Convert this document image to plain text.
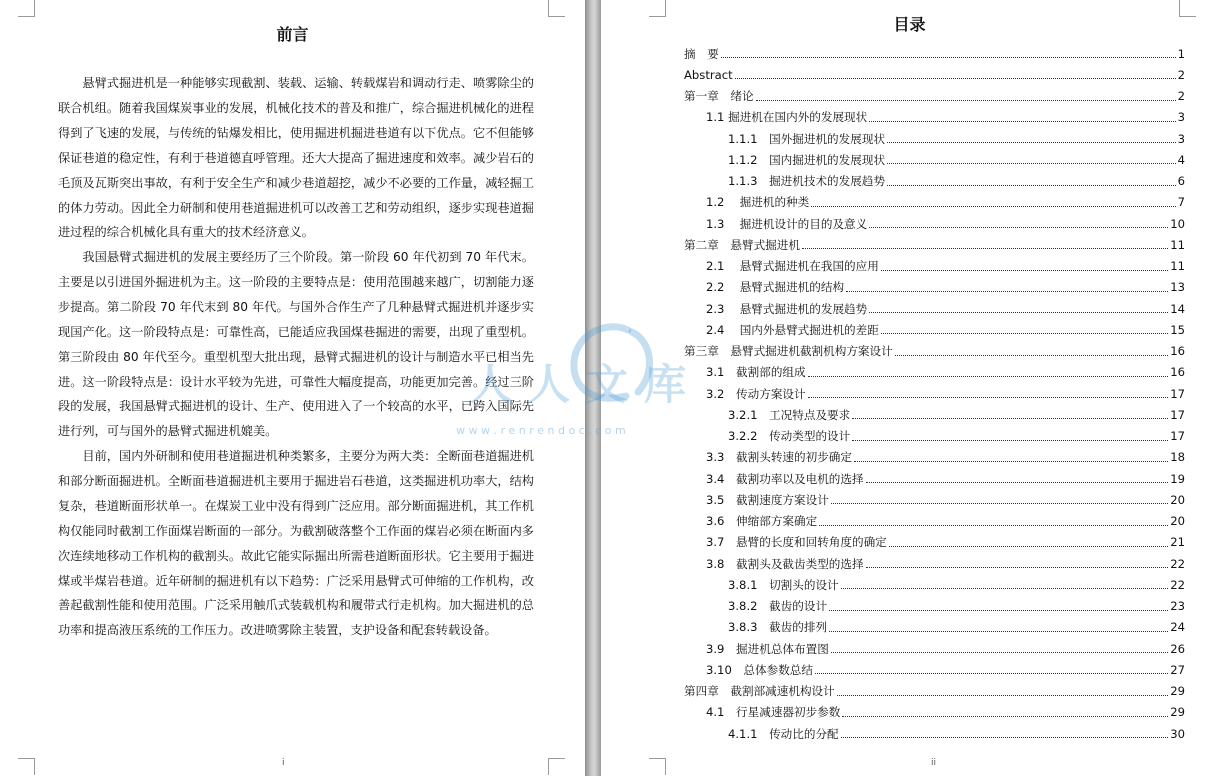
前言

悬臂式掘进机是一种能够实现截割、装载、运输、转载煤岩和调动行走、喷雾除尘的联合机组。随着我国煤炭事业的发展，机械化技术的普及和推广，综合掘进机械化的进程得到了飞速的发展，与传统的钻爆发相比，使用掘进机掘进巷道有以下优点。它不但能够保证巷道的稳定性，有利于巷道德直呼管理。还大大提高了掘进速度和效率。减少岩石的毛顶及瓦斯突出事故，有利于安全生产和减少巷道超挖，减少不必要的工作量，减轻掘工的体力劳动。因此全力研制和使用巷道掘进机可以改善工艺和劳动组织，逐步实现巷道掘进过程的综合机械化具有重大的技术经济意义。

我国悬臂式掘进机的发展主要经历了三个阶段。第一阶段 60 年代初到 70 年代末。主要是以引进国外掘进机为主。这一阶段的主要特点是：使用范围越来越广，切割能力逐步提高。第二阶段 70 年代末到 80 年代。与国外合作生产了几种悬臂式掘进机并逐步实现国产化。这一阶段特点是：可靠性高，已能适应我国煤巷掘进的需要，出现了重型机。第三阶段由 80 年代至今。重型机型大批出现，悬臂式掘进机的设计与制造水平已相当先进。这一阶段特点是：设计水平较为先进，可靠性大幅度提高，功能更加完善。经过三阶段的发展，我国悬臂式掘进机的设计、生产、使用进入了一个较高的水平，已跨入国际先进行列，可与国外的悬臂式掘进机媲美。

目前，国内外研制和使用巷道掘进机种类繁多，主要分为两大类：全断面巷道掘进机和部分断面掘进机。全断面巷道掘进机主要用于掘进岩石巷道，这类掘进机功率大，结构复杂，巷道断面形状单一。在煤炭工业中没有得到广泛应用。部分断面掘进机，其工作机构仅能同时截割工作面煤岩断面的一部分。为截割破落整个工作面的煤岩必须在断面内多次连续地移动工作机构的截割头。故此它能实际掘出所需巷道断面形状。它主要用于掘进煤或半煤岩巷道。近年研制的掘进机有以下趋势：广泛采用悬臂式可伸缩的工作机构，改善起截割性能和使用范围。广泛采用触爪式装载机构和履带式行走机构。加大掘进机的总功率和提高液压系统的工作压力。改进喷雾除主装置，支护设备和配套转载设备。

i
目录
摘　要	1
Abstract	2
第一章　绪论	2
1.1 掘进机在国内外的发展现状	3
1.1.1　国外掘进机的发展现状	3
1.1.2　国内掘进机的发展现状	4
1.1.3　掘进机技术的发展趋势	6
1.2　 掘进机的种类	7
1.3　 掘进机设计的目的及意义	10
第二章　悬臂式掘进机	11
2.1　 悬臂式掘进机在我国的应用	11
2.2　 悬臂式掘进机的结构	13
2.3　 悬臂式掘进机的发展趋势	14
2.4　 国内外悬臂式掘进机的差距	15
第三章　悬臂式掘进机截割机构方案设计	16
3.1　截割部的组成	16
3.2　传动方案设计	17
3.2.1　工况特点及要求	17
3.2.2　传动类型的设计	17
3.3　截割头转速的初步确定	18
3.4　截割功率以及电机的选择	19
3.5　截割速度方案设计	20
3.6　伸缩部方案确定	20
3.7　悬臂的长度和回转角度的确定	21
3.8　截割头及截齿类型的选择	22
3.8.1　切割头的设计	22
3.8.2　截齿的设计	23
3.8.3　截齿的排列	24
3.9　掘进机总体布置图	26
3.10　总体参数总结	27
第四章　截割部减速机构设计	29
4.1　行星减速器初步参数	29
4.1.1　传动比的分配	30
ii
人人文库
w w w . r e n r e n d o c . c o m
